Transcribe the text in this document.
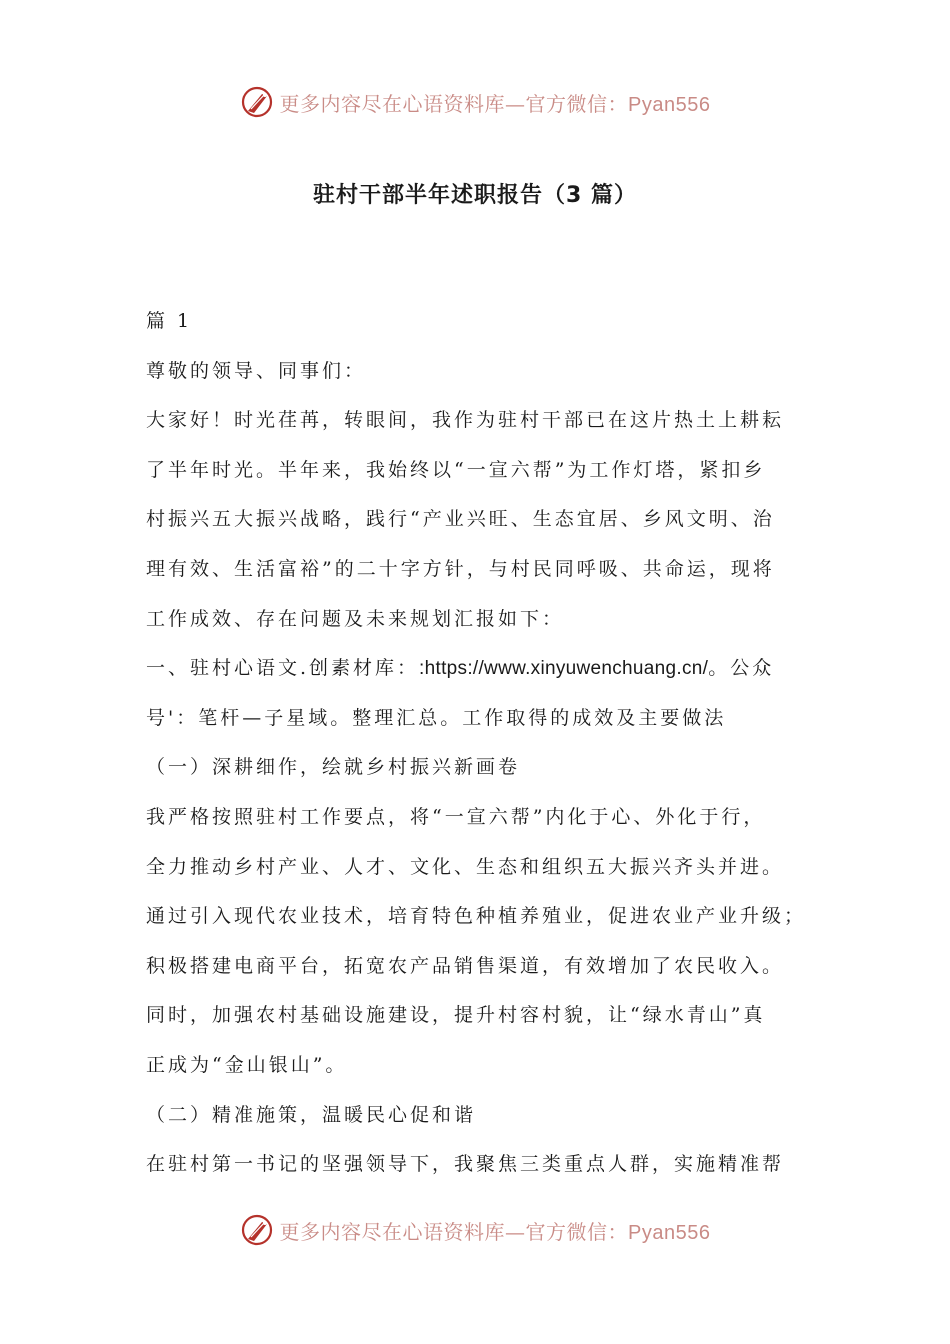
更多内容尽在心语资料库—官方微信：Pyan556
驻村干部半年述职报告（3 篇）
篇 1
尊敬的领导、同事们：
大家好！时光荏苒，转眼间，我作为驻村干部已在这片热土上耕耘
了半年时光。半年来，我始终以“一宣六帮”为工作灯塔，紧扣乡
村振兴五大振兴战略，践行“产业兴旺、生态宜居、乡风文明、治
理有效、生活富裕”的二十字方针，与村民同呼吸、共命运，现将
工作成效、存在问题及未来规划汇报如下：
一、驻村心语文.创素材库：:https://www.xinyuwenchuang.cn/。公众
号'：笔杆—子星域。整理汇总。工作取得的成效及主要做法
（一）深耕细作，绘就乡村振兴新画卷
我严格按照驻村工作要点，将“一宣六帮”内化于心、外化于行，
全力推动乡村产业、人才、文化、生态和组织五大振兴齐头并进。
通过引入现代农业技术，培育特色种植养殖业，促进农业产业升级；
积极搭建电商平台，拓宽农产品销售渠道，有效增加了农民收入。
同时，加强农村基础设施建设，提升村容村貌，让“绿水青山”真
正成为“金山银山”。
（二）精准施策，温暖民心促和谐
在驻村第一书记的坚强领导下，我聚焦三类重点人群，实施精准帮
更多内容尽在心语资料库—官方微信：Pyan556
